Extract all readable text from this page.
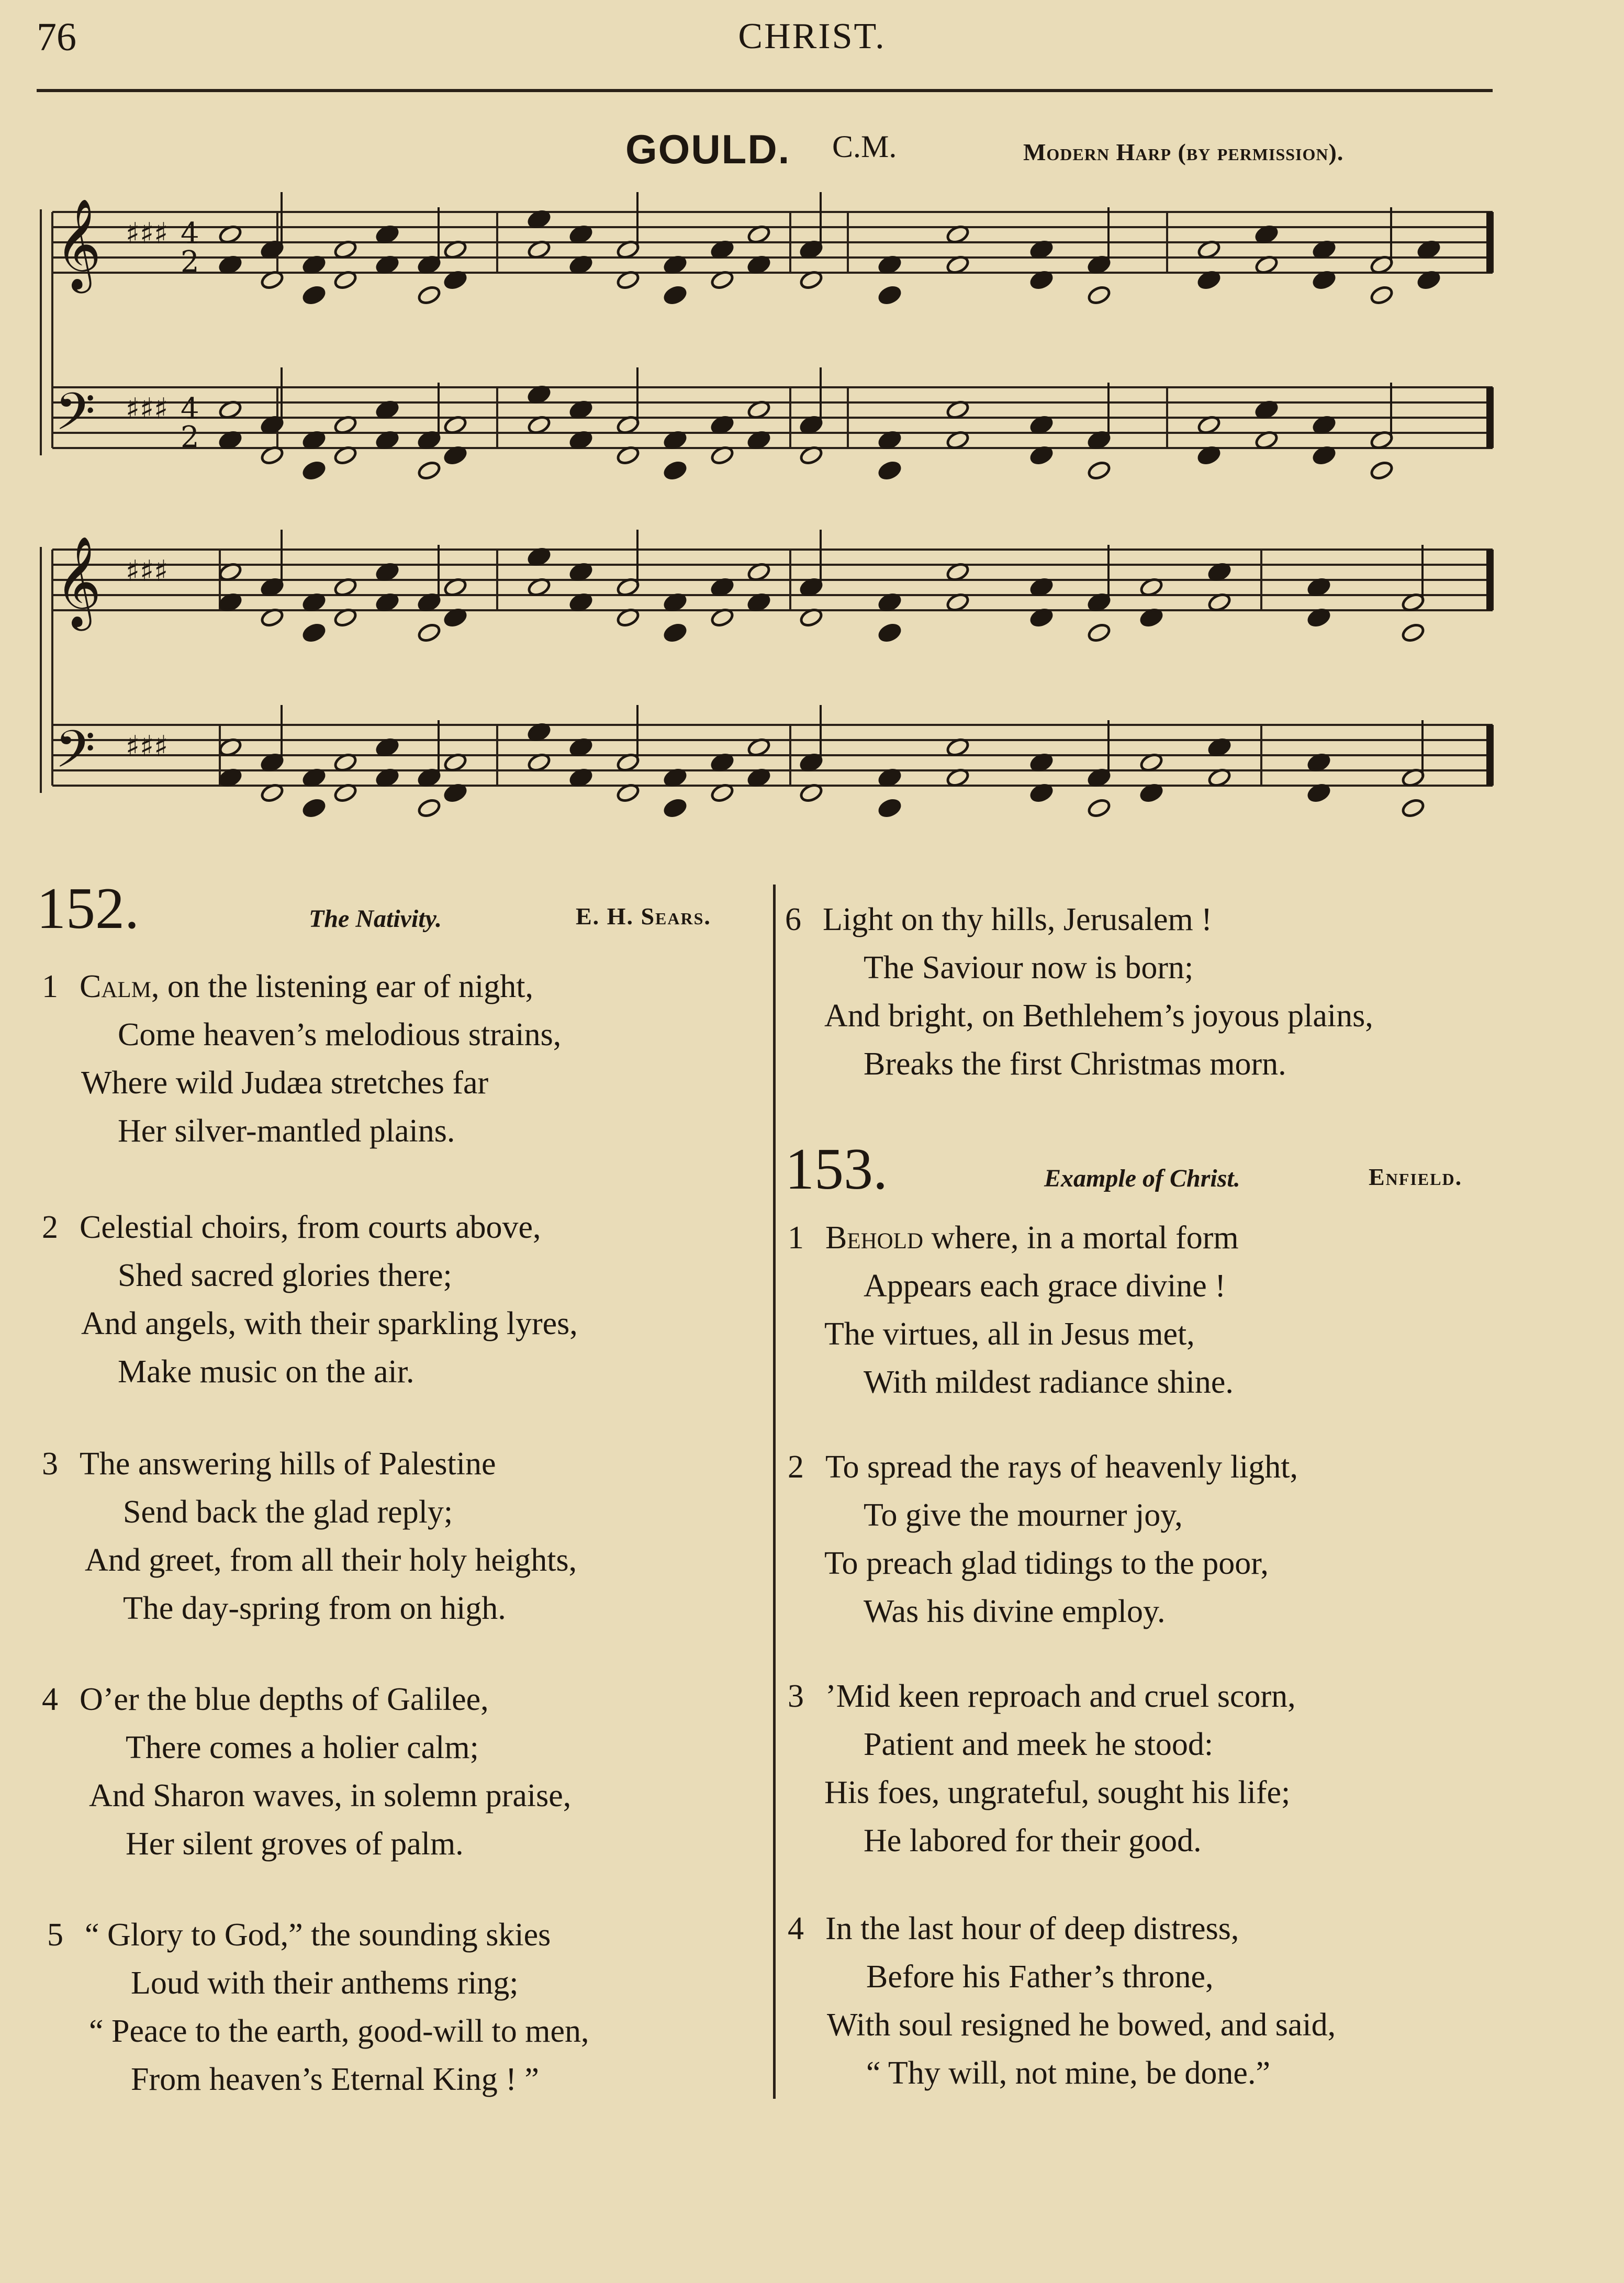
76	CHRIST.
GOULD. C.M.	Modern Harp (by permission).
𝄞 ♯♯♯
𝄞 ♯♯♯
𝄢 ♯♯♯
𝄢 ♯♯♯
4
2
4
2
152.	The Nativity.	E. H. Sears.
1 Calm, on the listening ear of night,
Come heaven’s melodious strains,
Where wild Judæa stretches far
Her silver-mantled plains.
2 Celestial choirs, from courts above,
Shed sacred glories there;
And angels, with their sparkling lyres,
Make music on the air.
3 The answering hills of Palestine
Send back the glad reply;
And greet, from all their holy heights,
The day-spring from on high.
4 O’er the blue depths of Galilee,
There comes a holier calm;
And Sharon waves, in solemn praise,
Her silent groves of palm.
5 “ Glory to God,” the sounding skies
Loud with their anthems ring;
“ Peace to the earth, good-will to men,
From heaven’s Eternal King ! ”
6 Light on thy hills, Jerusalem !
The Saviour now is born;
And bright, on Bethlehem’s joyous plains,
Breaks the first Christmas morn.
153.	Example of Christ.	Enfield.
1 Behold where, in a mortal form
Appears each grace divine !
The virtues, all in Jesus met,
With mildest radiance shine.
2 To spread the rays of heavenly light,
To give the mourner joy,
To preach glad tidings to the poor,
Was his divine employ.
3 ’Mid keen reproach and cruel scorn,
Patient and meek he stood:
His foes, ungrateful, sought his life;
He labored for their good.
4 In the last hour of deep distress,
Before his Father’s throne,
With soul resigned he bowed, and said,
“ Thy will, not mine, be done.”
